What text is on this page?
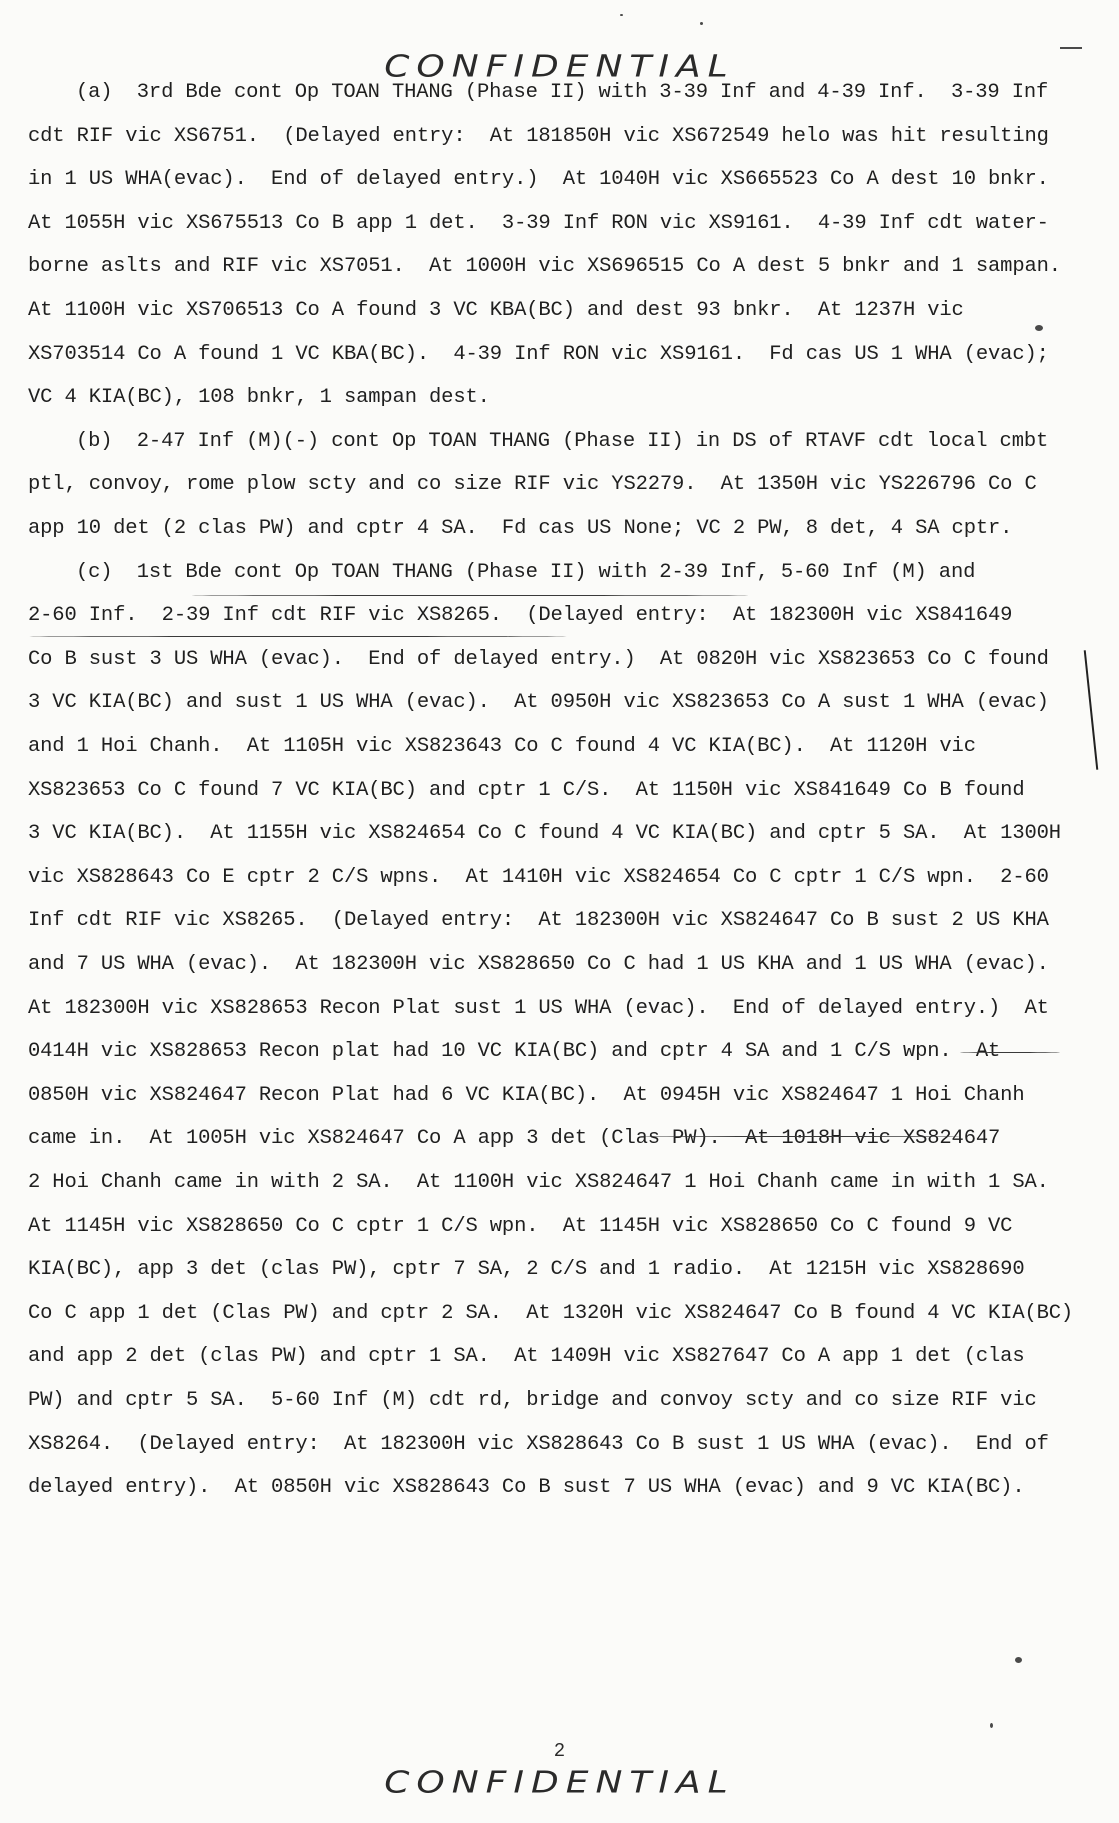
CONFIDENTIAL
(a)  3rd Bde cont Op TOAN THANG (Phase II) with 3-39 Inf and 4-39 Inf.  3-39 Inf
cdt RIF vic XS6751.  (Delayed entry:  At 181850H vic XS672549 helo was hit resulting
in 1 US WHA(evac).  End of delayed entry.)  At 1040H vic XS665523 Co A dest 10 bnkr.
At 1055H vic XS675513 Co B app 1 det.  3-39 Inf RON vic XS9161.  4-39 Inf cdt water-
borne aslts and RIF vic XS7051.  At 1000H vic XS696515 Co A dest 5 bnkr and 1 sampan.
At 1100H vic XS706513 Co A found 3 VC KBA(BC) and dest 93 bnkr.  At 1237H vic
XS703514 Co A found 1 VC KBA(BC).  4-39 Inf RON vic XS9161.  Fd cas US 1 WHA (evac);
VC 4 KIA(BC), 108 bnkr, 1 sampan dest.
(b)  2-47 Inf (M)(-) cont Op TOAN THANG (Phase II) in DS of RTAVF cdt local cmbt
ptl, convoy, rome plow scty and co size RIF vic YS2279.  At 1350H vic YS226796 Co C
app 10 det (2 clas PW) and cptr 4 SA.  Fd cas US None; VC 2 PW, 8 det, 4 SA cptr.
(c)  1st Bde cont Op TOAN THANG (Phase II) with 2-39 Inf, 5-60 Inf (M) and
2-60 Inf.  2-39 Inf cdt RIF vic XS8265.  (Delayed entry:  At 182300H vic XS841649
Co B sust 3 US WHA (evac).  End of delayed entry.)  At 0820H vic XS823653 Co C found
3 VC KIA(BC) and sust 1 US WHA (evac).  At 0950H vic XS823653 Co A sust 1 WHA (evac)
and 1 Hoi Chanh.  At 1105H vic XS823643 Co C found 4 VC KIA(BC).  At 1120H vic
XS823653 Co C found 7 VC KIA(BC) and cptr 1 C/S.  At 1150H vic XS841649 Co B found
3 VC KIA(BC).  At 1155H vic XS824654 Co C found 4 VC KIA(BC) and cptr 5 SA.  At 1300H
vic XS828643 Co E cptr 2 C/S wpns.  At 1410H vic XS824654 Co C cptr 1 C/S wpn.  2-60
Inf cdt RIF vic XS8265.  (Delayed entry:  At 182300H vic XS824647 Co B sust 2 US KHA
and 7 US WHA (evac).  At 182300H vic XS828650 Co C had 1 US KHA and 1 US WHA (evac).
At 182300H vic XS828653 Recon Plat sust 1 US WHA (evac).  End of delayed entry.)  At
0414H vic XS828653 Recon plat had 10 VC KIA(BC) and cptr 4 SA and 1 C/S wpn.  At
0850H vic XS824647 Recon Plat had 6 VC KIA(BC).  At 0945H vic XS824647 1 Hoi Chanh
came in.  At 1005H vic XS824647 Co A app 3 det (Clas PW).  At 1018H vic XS824647
2 Hoi Chanh came in with 2 SA.  At 1100H vic XS824647 1 Hoi Chanh came in with 1 SA.
At 1145H vic XS828650 Co C cptr 1 C/S wpn.  At 1145H vic XS828650 Co C found 9 VC
KIA(BC), app 3 det (clas PW), cptr 7 SA, 2 C/S and 1 radio.  At 1215H vic XS828690
Co C app 1 det (Clas PW) and cptr 2 SA.  At 1320H vic XS824647 Co B found 4 VC KIA(BC)
and app 2 det (clas PW) and cptr 1 SA.  At 1409H vic XS827647 Co A app 1 det (clas
PW) and cptr 5 SA.  5-60 Inf (M) cdt rd, bridge and convoy scty and co size RIF vic
XS8264.  (Delayed entry:  At 182300H vic XS828643 Co B sust 1 US WHA (evac).  End of
delayed entry).  At 0850H vic XS828643 Co B sust 7 US WHA (evac) and 9 VC KIA(BC).
2
CONFIDENTIAL
